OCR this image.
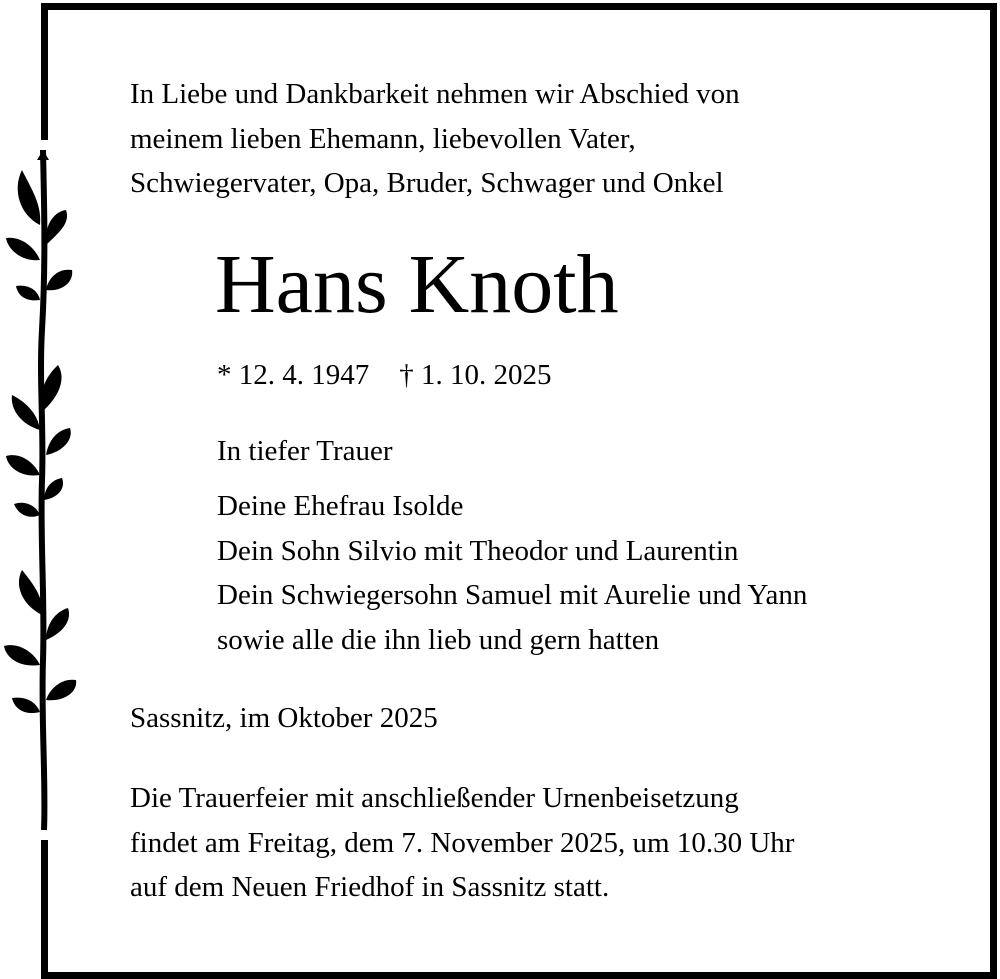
In Liebe und Dankbarkeit nehmen wir Abschied von
meinem lieben Ehemann, liebevollen Vater,
Schwiegervater, Opa, Bruder, Schwager und Onkel
Hans Knoth
* 12. 4. 1947 † 1. 10. 2025
In tiefer Trauer
Deine Ehefrau Isolde
Dein Sohn Silvio mit Theodor und Laurentin
Dein Schwiegersohn Samuel mit Aurelie und Yann
sowie alle die ihn lieb und gern hatten
Sassnitz, im Oktober 2025
Die Trauerfeier mit anschließender Urnenbeisetzung
findet am Freitag, dem 7. November 2025, um 10.30 Uhr
auf dem Neuen Friedhof in Sassnitz statt.
